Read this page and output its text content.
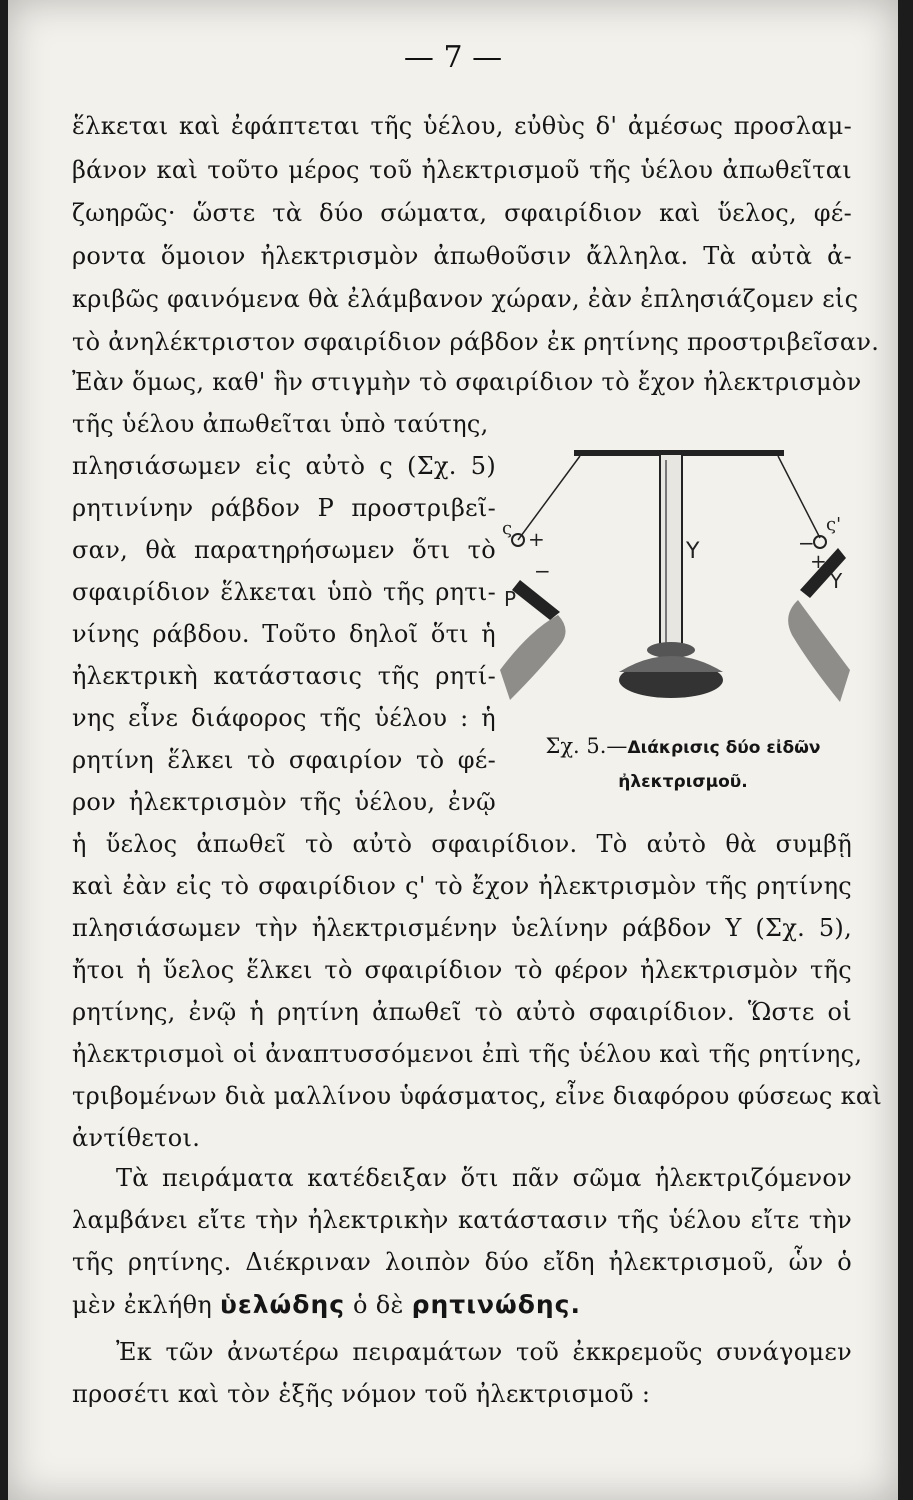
— 7 —
ἕλκεται καὶ ἐφάπτεται τῆς ὑέλου, εὐθὺς δ' ἀμέσως προσλαμ-
βάνον καὶ τοῦτο μέρος τοῦ ἠλεκτρισμοῦ τῆς ὑέλου ἀπωθεῖται
ζωηρῶς· ὥστε τὰ δύο σώματα, σφαιρίδιον καὶ ὕελος, φέ-
ροντα ὅμοιον ἠλεκτρισμὸν ἀπωθοῦσιν ἄλληλα. Τὰ αὐτὰ ἀ-
κριβῶς φαινόμενα θὰ ἐλάμβανον χώραν, ἐὰν ἐπλησιάζομεν εἰς
τὸ ἀνηλέκτριστον σφαιρίδιον ράβδον ἐκ ρητίνης προστριβεῖσαν.
Ἐὰν ὅμως, καθ' ἣν στιγμὴν τὸ σφαιρίδιον τὸ ἔχον ἠλεκτρισμὸν
τῆς ὑέλου ἀπωθεῖται ὑπὸ ταύτης,
πλησιάσωμεν εἰς αὐτὸ ς (Σχ. 5)
ρητινίνην ράβδον Ρ προστριβεῖ-
σαν, θὰ παρατηρήσωμεν ὅτι τὸ
σφαιρίδιον ἕλκεται ὑπὸ τῆς ρητι-
νίνης ράβδου. Τοῦτο δηλοῖ ὅτι ἡ
ἠλεκτρικὴ κατάστασις τῆς ρητί-
νης εἶνε διάφορος τῆς ὑέλου : ἡ
ρητίνη ἕλκει τὸ σφαιρίον τὸ φέ-
ρον ἠλεκτρισμὸν τῆς ὑέλου, ἐνῷ
ἡ ὕελος ἀπωθεῖ τὸ αὐτὸ σφαιρίδιον. Τὸ αὐτὸ θὰ συμβῇ
καὶ ἐὰν εἰς τὸ σφαιρίδιον ς' τὸ ἔχον ἠλεκτρισμὸν τῆς ρητίνης
πλησιάσωμεν τὴν ἠλεκτρισμένην ὑελίνην ράβδον Υ (Σχ. 5),
ἤτοι ἡ ὕελος ἕλκει τὸ σφαιρίδιον τὸ φέρον ἠλεκτρισμὸν τῆς
ρητίνης, ἐνῷ ἡ ρητίνη ἀπωθεῖ τὸ αὐτὸ σφαιρίδιον. Ὥστε οἱ
ἠλεκτρισμοὶ οἱ ἀναπτυσσόμενοι ἐπὶ τῆς ὑέλου καὶ τῆς ρητίνης,
τριβομένων διὰ μαλλίνου ὑφάσματος, εἶνε διαφόρου φύσεως καὶ
ἀντίθετοι.
Τὰ πειράματα κατέδειξαν ὅτι πᾶν σῶμα ἠλεκτριζόμενον
λαμβάνει εἴτε τὴν ἠλεκτρικὴν κατάστασιν τῆς ὑέλου εἴτε τὴν
τῆς ρητίνης. Διέκριναν λοιπὸν δύο εἴδη ἠλεκτρισμοῦ, ὧν ὁ
μὲν ἐκλήθη ὑελώδης ὁ δὲ ρητινώδης.
Ἐκ τῶν ἀνωτέρω πειραμάτων τοῦ ἐκκρεμοῦς συνάγομεν
προσέτι καὶ τὸν ἑξῆς νόμον τοῦ ἠλεκτρισμοῦ :
ς +
−
P
Y
ς'
−
+
Y
Σχ. 5.—Διάκρισις δύο εἰδῶν
ἠλεκτρισμοῦ.
